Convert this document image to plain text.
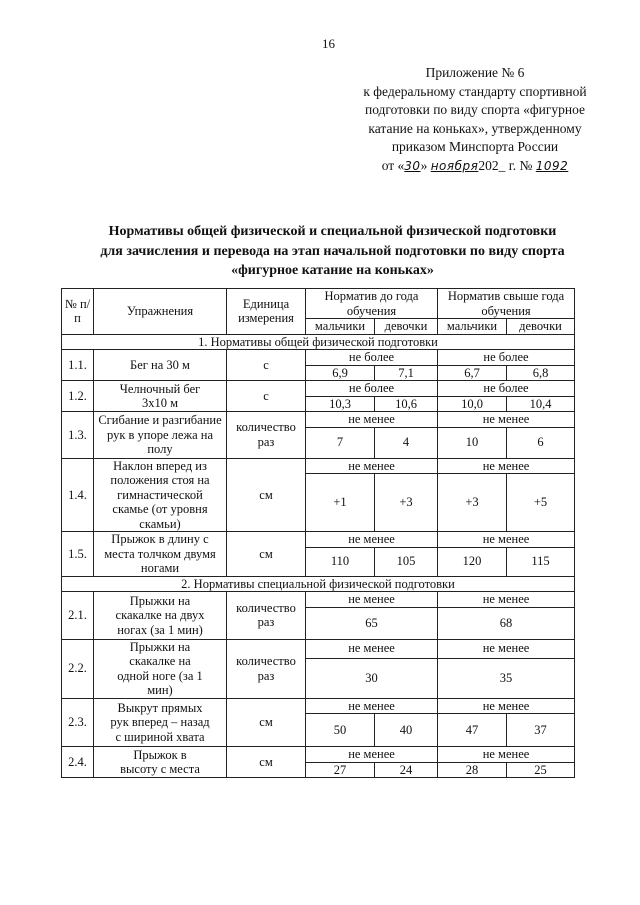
16
Приложение № 6
к федеральному стандарту спортивной
подготовки по виду спорта «фигурное
катание на коньках», утвержденному
приказом Минспорта России
от «30» ноября202_ г. № 1092
Нормативы общей физической и специальной физической подготовки
для зачисления и перевода на этап начальной подготовки по виду спорта
«фигурное катание на коньках»
№ п/п	Упражнения	Единица измерения	Норматив до года обучения		Норматив свыше года обучения	
			мальчики	девочки	мальчики	девочки
1. Нормативы общей физической подготовки						
1.1.	Бег на 30 м	с	не более		не более	
			6,9	7,1	6,7	6,8
1.2.	Челночный бег 3х10 м	с	не более		не более	
			10,3	10,6	10,0	10,4
1.3.	Сгибание и разгибание рук в упоре лежа на полу	количество раз	не менее		не менее	
			7	4	10	6
1.4.	Наклон вперед из положения стоя на гимнастической скамье (от уровня скамьи)	см	не менее		не менее	
			+1	+3	+3	+5
1.5.	Прыжок в длину с места толчком двумя ногами	см	не менее		не менее	
			110	105	120	115
2. Нормативы специальной физической подготовки						
2.1.	Прыжки на скакалке на двух ногах (за 1 мин)	количество раз	не менее		не менее	
			65		68	
2.2.	Прыжки на скакалке на одной ноге (за 1 мин)	количество раз	не менее		не менее	
			30		35	
2.3.	Выкрут прямых рук вперед – назад с шириной хвата	см	не менее		не менее	
			50	40	47	37
2.4.	Прыжок в высоту с места	см	не менее		не менее	
			27	24	28	25
